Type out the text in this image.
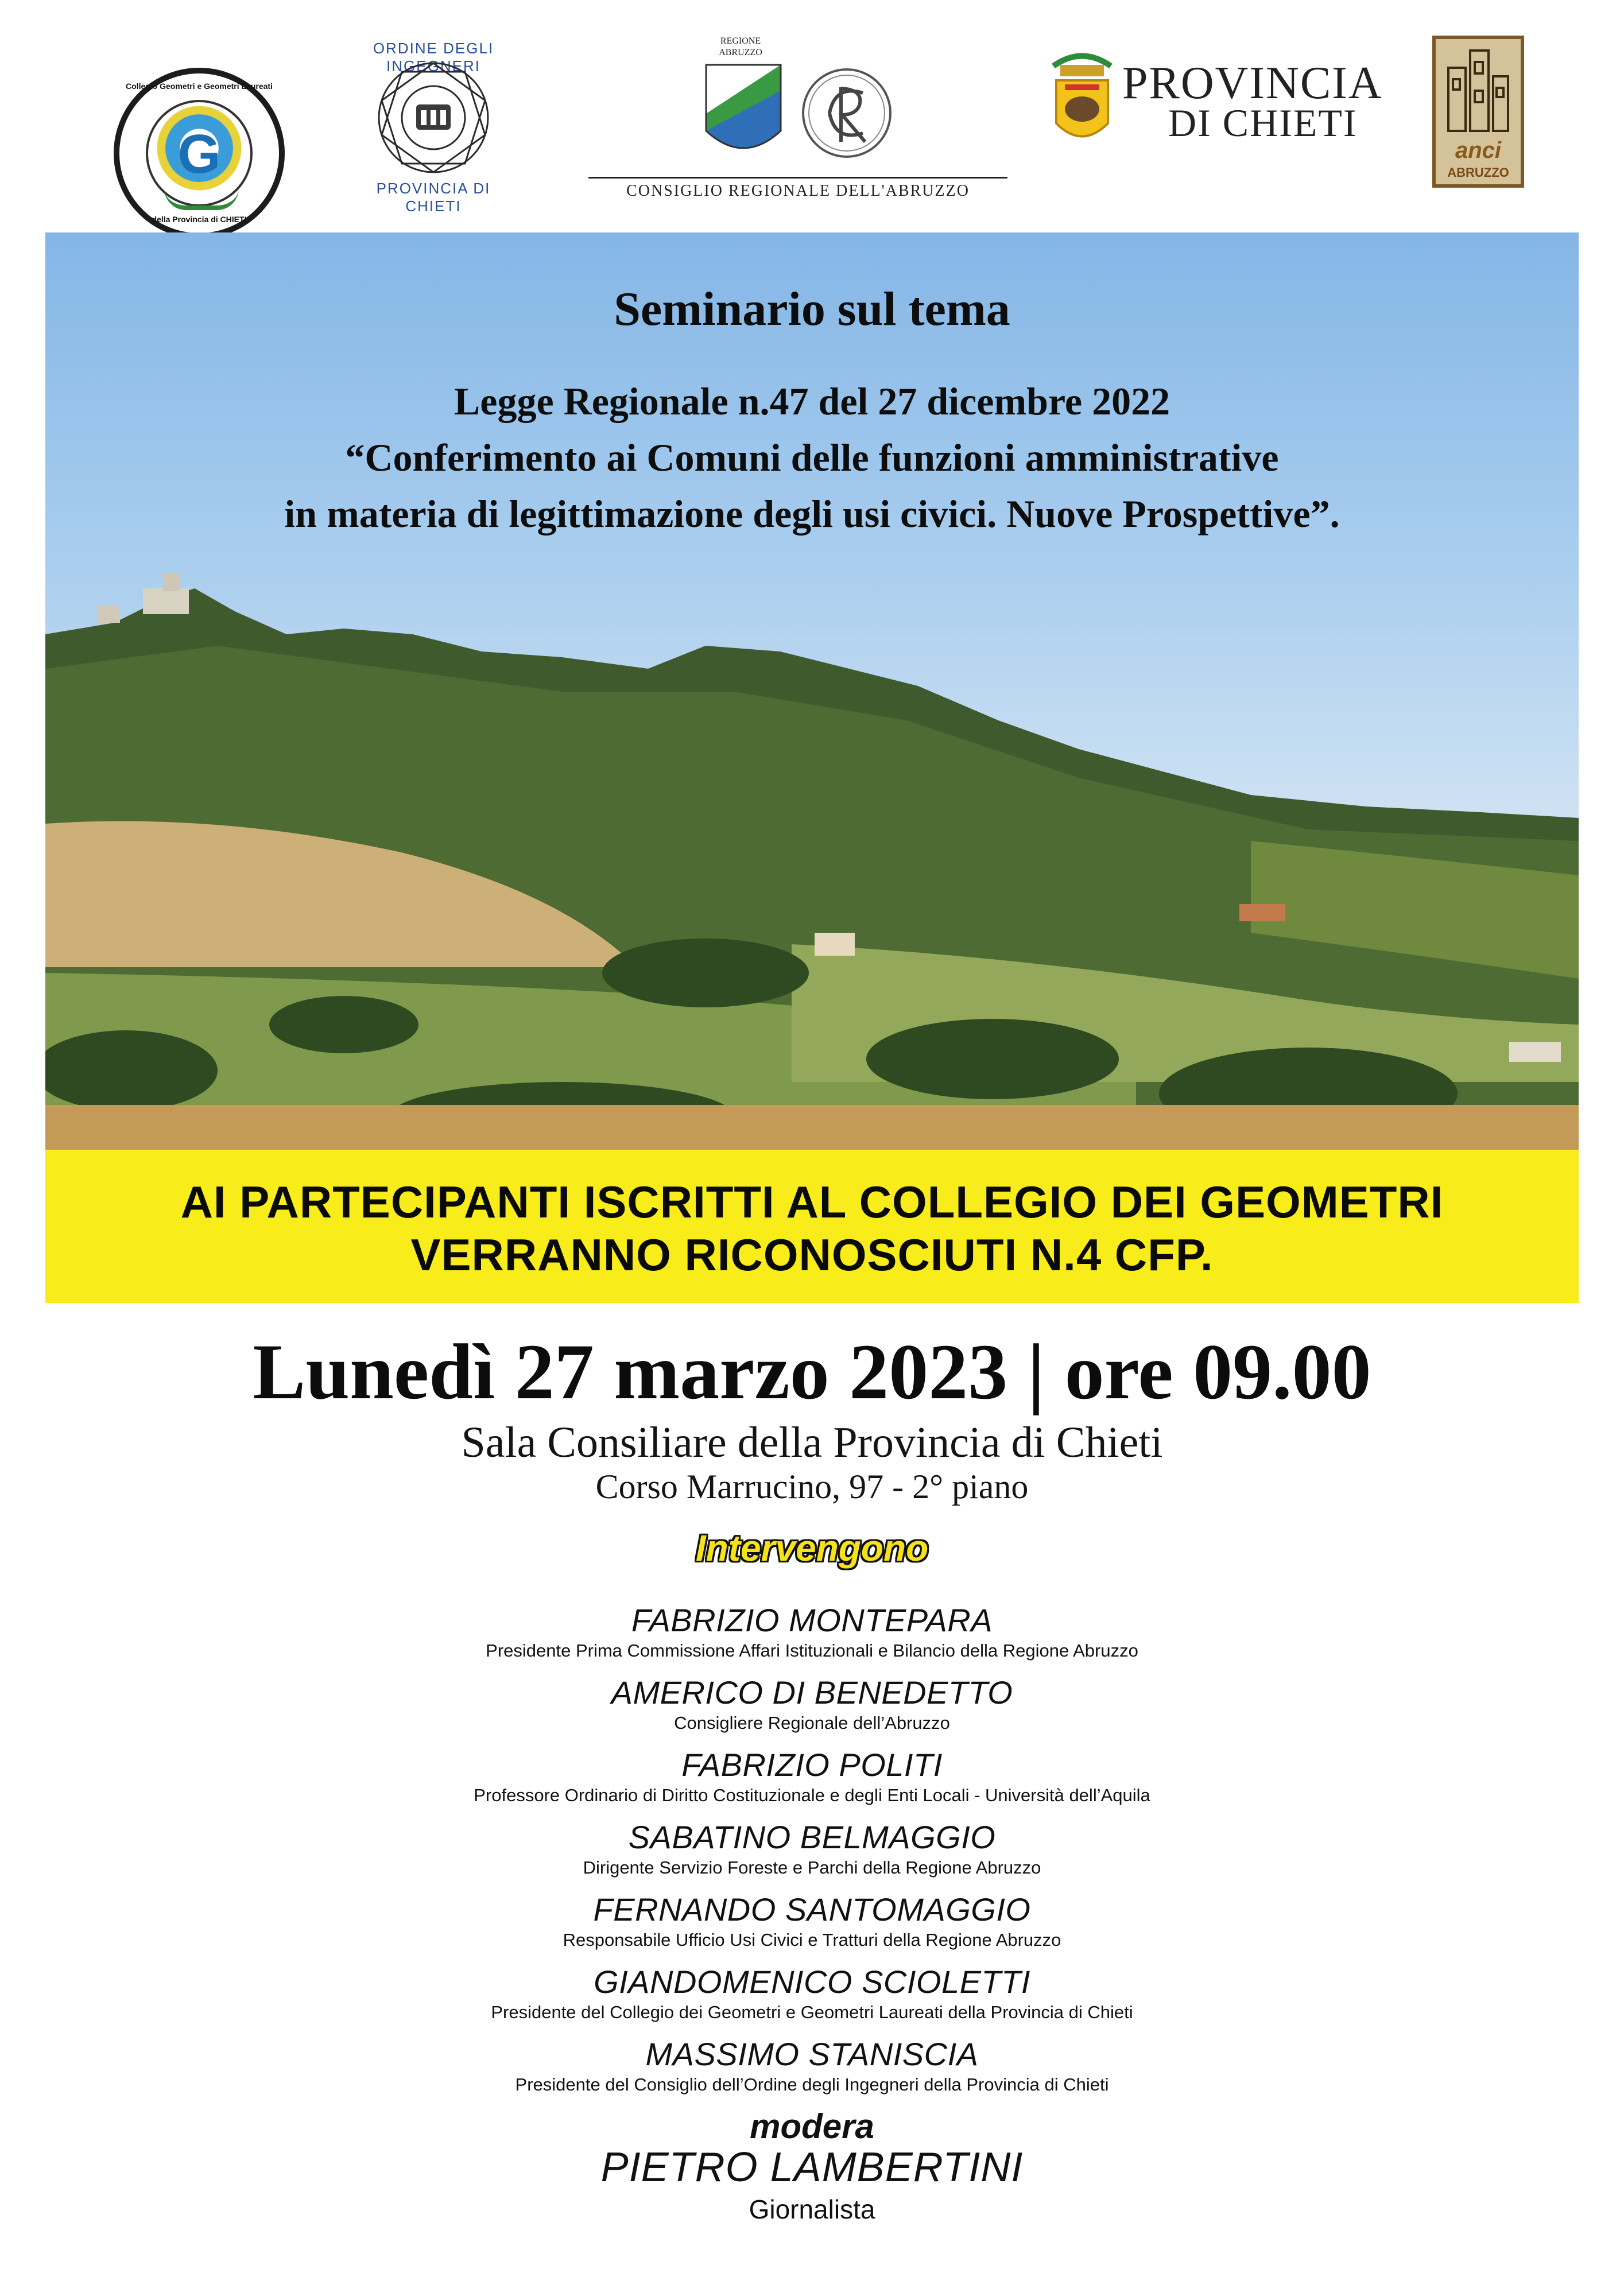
Collegio Geometri e Geometri Laureati
G
della Provincia di CHIETI
ORDINE DEGLI INGEGNERI
PROVINCIA DI CHIETI
REGIONE
ABRUZZO
CONSIGLIO REGIONALE DELL'ABRUZZO
PROVINCIA
DI CHIETI
anci
ABRUZZO
Seminario sul tema
Legge Regionale n.47 del 27 dicembre 2022
“Conferimento ai Comuni delle funzioni amministrative
in materia di legittimazione degli usi civici. Nuove Prospettive”.
AI PARTECIPANTI ISCRITTI AL COLLEGIO DEI GEOMETRI
VERRANNO RICONOSCIUTI N.4 CFP.
Lunedì 27 marzo 2023 | ore 09.00
Sala Consiliare della Provincia di Chieti
Corso Marrucino, 97 - 2° piano
Intervengono
FABRIZIO MONTEPARA
Presidente Prima Commissione Affari Istituzionali e Bilancio della Regione Abruzzo
AMERICO DI BENEDETTO
Consigliere Regionale dell’Abruzzo
FABRIZIO POLITI
Professore Ordinario di Diritto Costituzionale e degli Enti Locali - Università dell’Aquila
SABATINO BELMAGGIO
Dirigente Servizio Foreste e Parchi della Regione Abruzzo
FERNANDO SANTOMAGGIO
Responsabile Ufficio Usi Civici e Tratturi della Regione Abruzzo
GIANDOMENICO SCIOLETTI
Presidente del Collegio dei Geometri e Geometri Laureati della Provincia di Chieti
MASSIMO STANISCIA
Presidente del Consiglio dell’Ordine degli Ingegneri della Provincia di Chieti
modera
PIETRO LAMBERTINI
Giornalista
